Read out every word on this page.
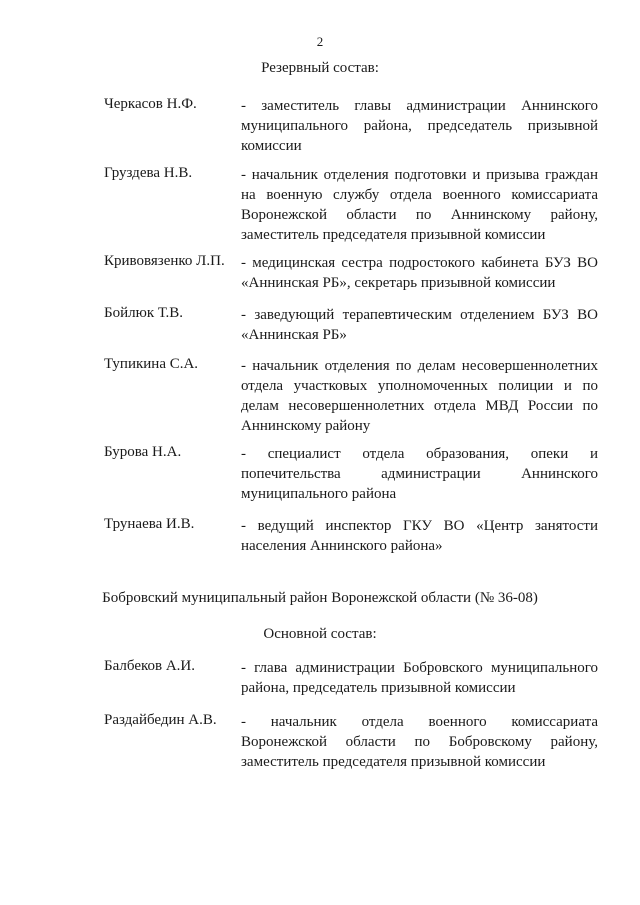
2
Резервный состав:
Черкасов Н.Ф.	- заместитель главы администрации Аннинского муниципального района, председатель призывной комиссии
Груздева Н.В.	- начальник отделения подготовки и призыва граждан на военную службу отдела военного комиссариата Воронежской области по Аннинскому району, заместитель председателя призывной комиссии
Кривовязенко Л.П. - медицинская сестра подростокого кабинета БУЗ ВО «Аннинская РБ», секретарь призывной комиссии
Бойлюк Т.В.	- заведующий терапевтическим отделением БУЗ ВО «Аннинская РБ»
Тупикина С.А.	- начальник отделения по делам несовершеннолетних отдела участковых уполномоченных полиции и по делам несовершеннолетних отдела МВД России по Аннинскому району
Бурова Н.А.	- специалист отдела образования, опеки и попечительства администрации Аннинского муниципального района
Трунаева И.В.	- ведущий инспектор ГКУ ВО «Центр занятости населения Аннинского района»
Бобровский муниципальный район Воронежской области (№ 36-08)
Основной состав:
Балбеков А.И.	- глава администрации Бобровского муниципального района, председатель призывной комиссии
Раздайбедин А.В. - начальник отдела военного комиссариата Воронежской области по Бобровскому району, заместитель председателя призывной комиссии
